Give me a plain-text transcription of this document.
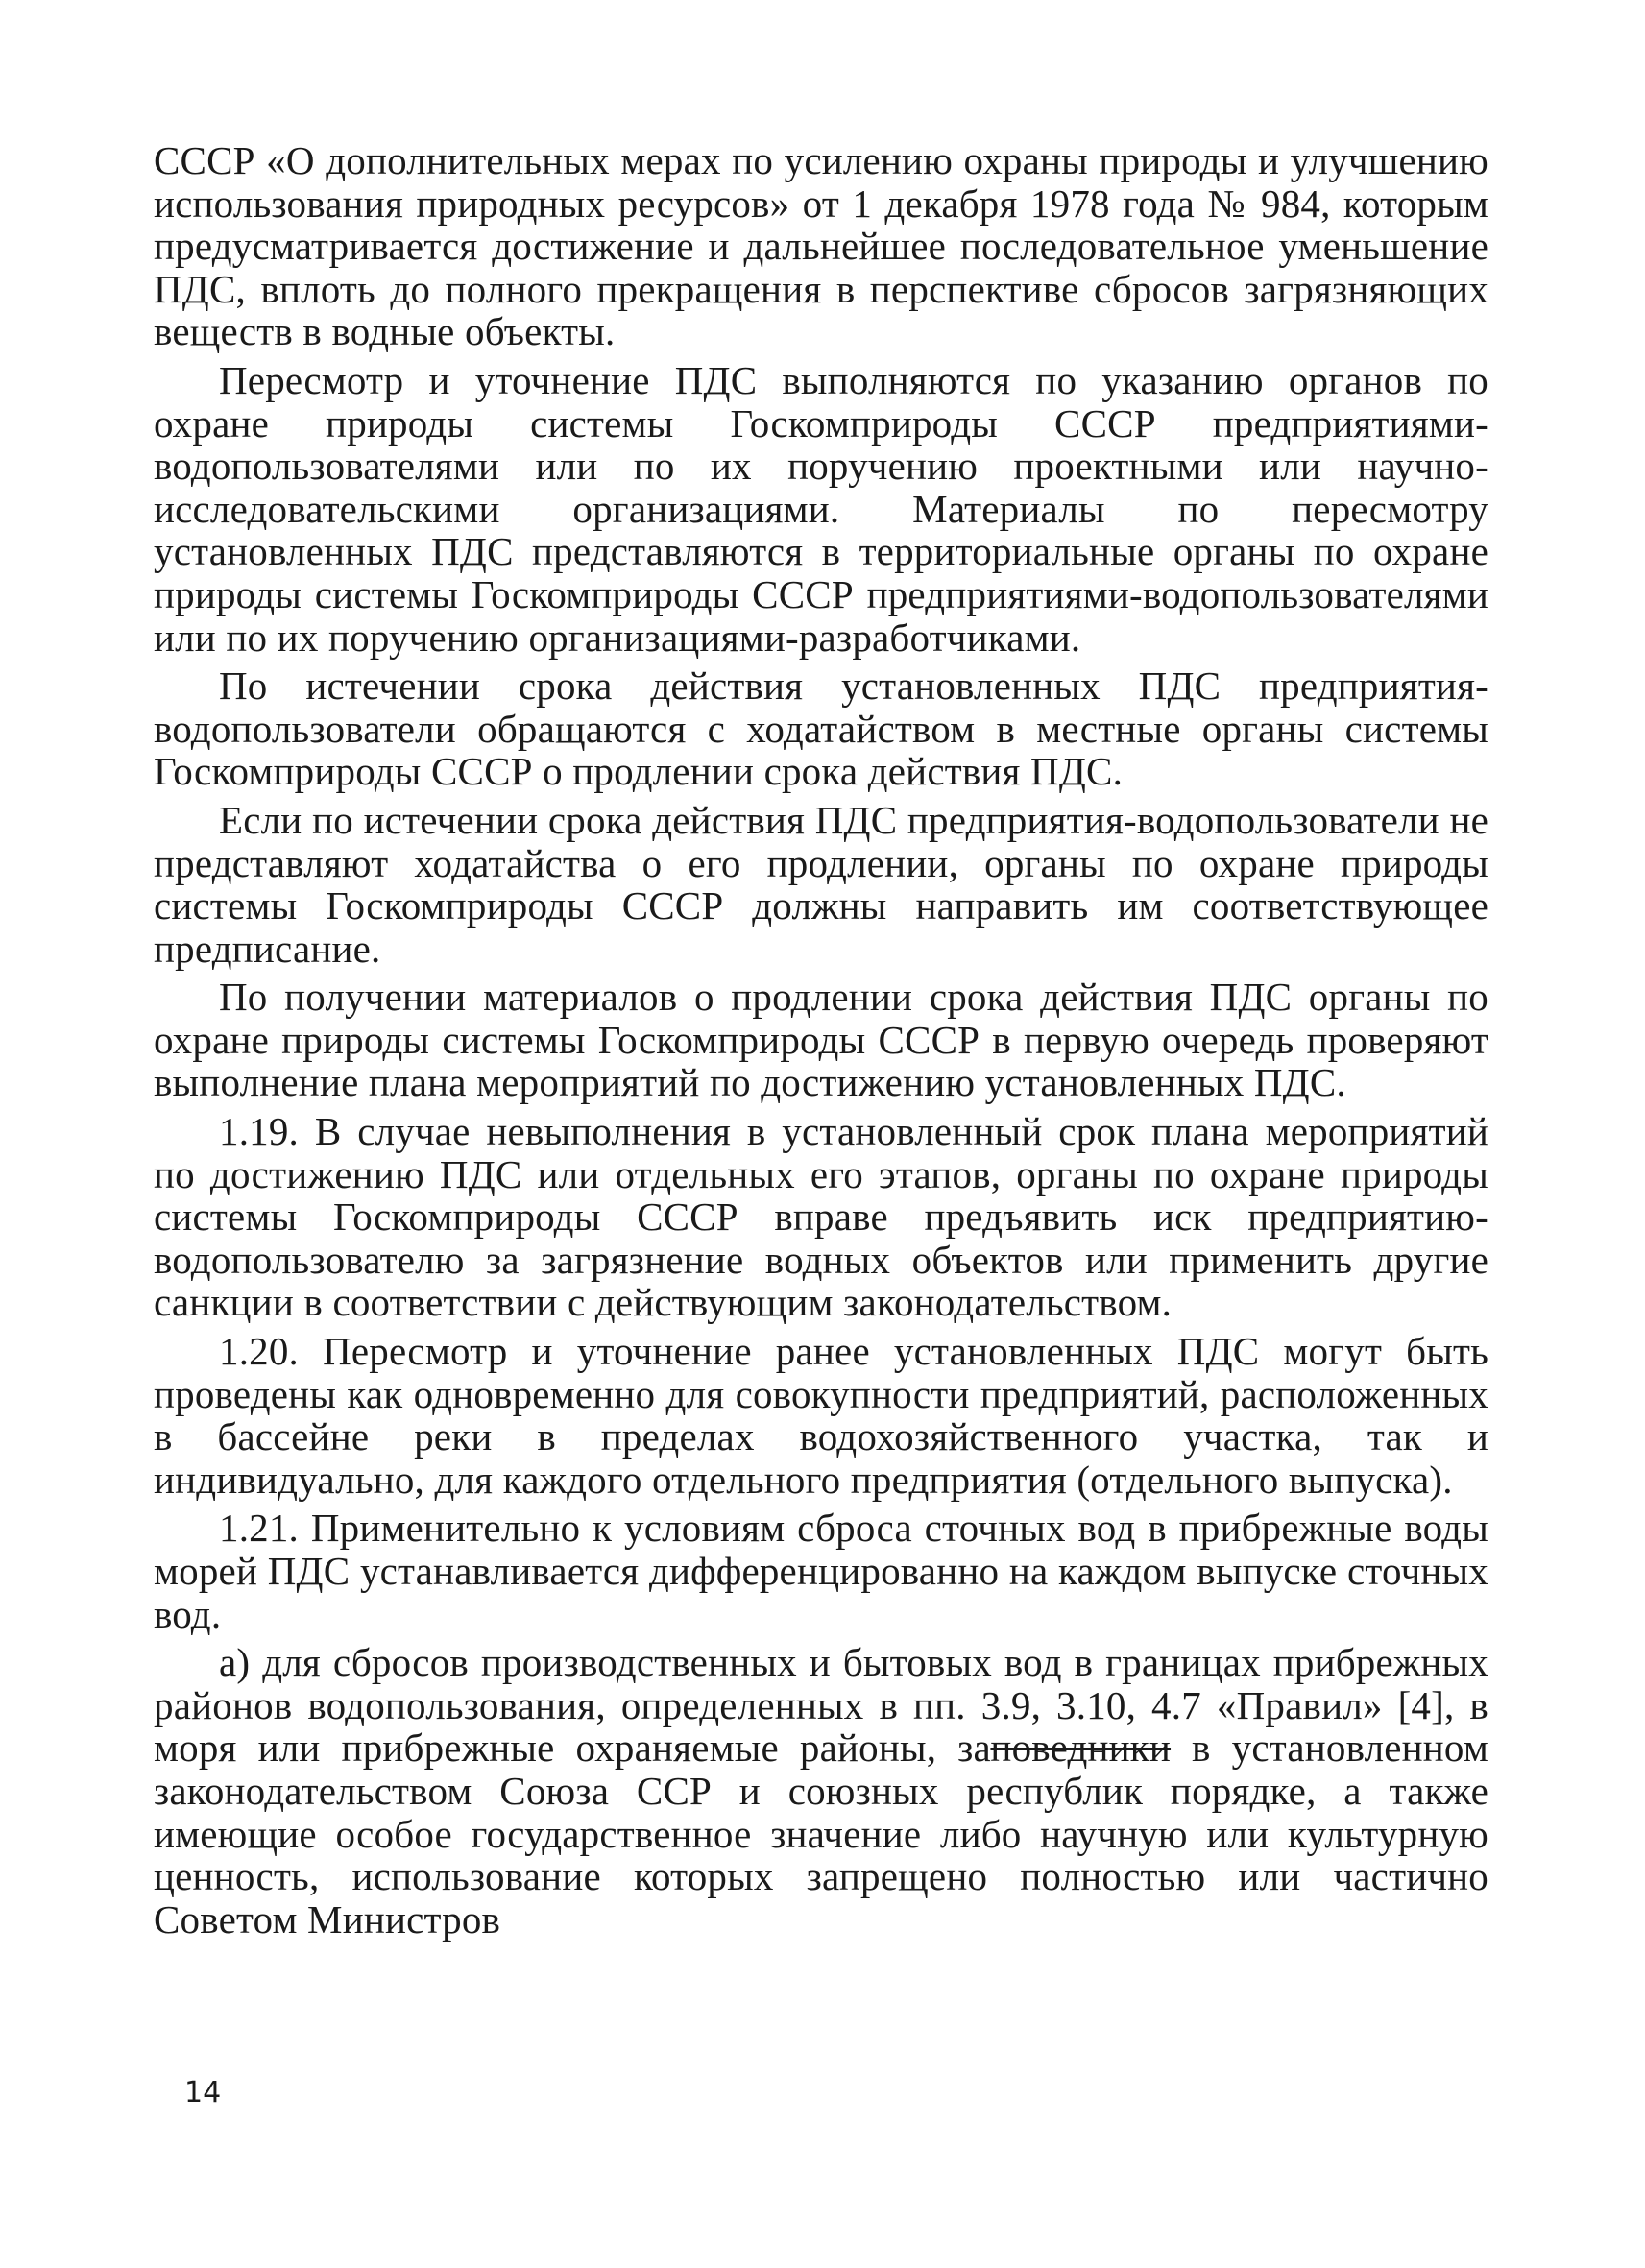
СССР «О дополнительных мерах по усилению охраны природы и улучшению использования природных ресурсов» от 1 декабря 1978 года № 984, которым предусматривается достижение и дальнейшее последовательное уменьшение ПДС, вплоть до полного прекращения в перспективе сбросов загрязняющих веществ в водные объекты.

Пересмотр и уточнение ПДС выполняются по указанию органов по охране природы системы Госкомприроды СССР предприятиями-водопользователями или по их поручению проектными или научно-исследовательскими организациями. Материалы по пересмотру установленных ПДС представляются в территориальные органы по охране природы системы Госкомприроды СССР предприятиями-водопользователями или по их поручению организациями-разработчиками.

По истечении срока действия установленных ПДС предприятия-водопользователи обращаются с ходатайством в местные органы системы Госкомприроды СССР о продлении срока действия ПДС.

Если по истечении срока действия ПДС предприятия-водопользователи не представляют ходатайства о его продлении, органы по охране природы системы Госкомприроды СССР должны направить им соответствующее предписание.

По получении материалов о продлении срока действия ПДС органы по охране природы системы Госкомприроды СССР в первую очередь проверяют выполнение плана мероприятий по достижению установленных ПДС.

1.19. В случае невыполнения в установленный срок плана мероприятий по достижению ПДС или отдельных его этапов, органы по охране природы системы Госкомприроды СССР вправе предъявить иск предприятию-водопользователю за загрязнение водных объектов или применить другие санкции в соответствии с действующим законодательством.

1.20. Пересмотр и уточнение ранее установленных ПДС могут быть проведены как одновременно для совокупности предприятий, расположенных в бассейне реки в пределах водохозяйственного участка, так и индивидуально, для каждого отдельного предприятия (отдельного выпуска).

1.21. Применительно к условиям сброса сточных вод в прибрежные воды морей ПДС устанавливается дифференцированно на каждом выпуске сточных вод.

а) для сбросов производственных и бытовых вод в границах прибрежных районов водопользования, определенных в пп. 3.9, 3.10, 4.7 «Правил» [4], в моря или прибрежные охраняемые районы, заповедники в установленном законодательством Союза ССР и союзных республик порядке, а также имеющие особое государственное значение либо научную или культурную ценность, использование которых запрещено полностью или частично Советом Министров

14
